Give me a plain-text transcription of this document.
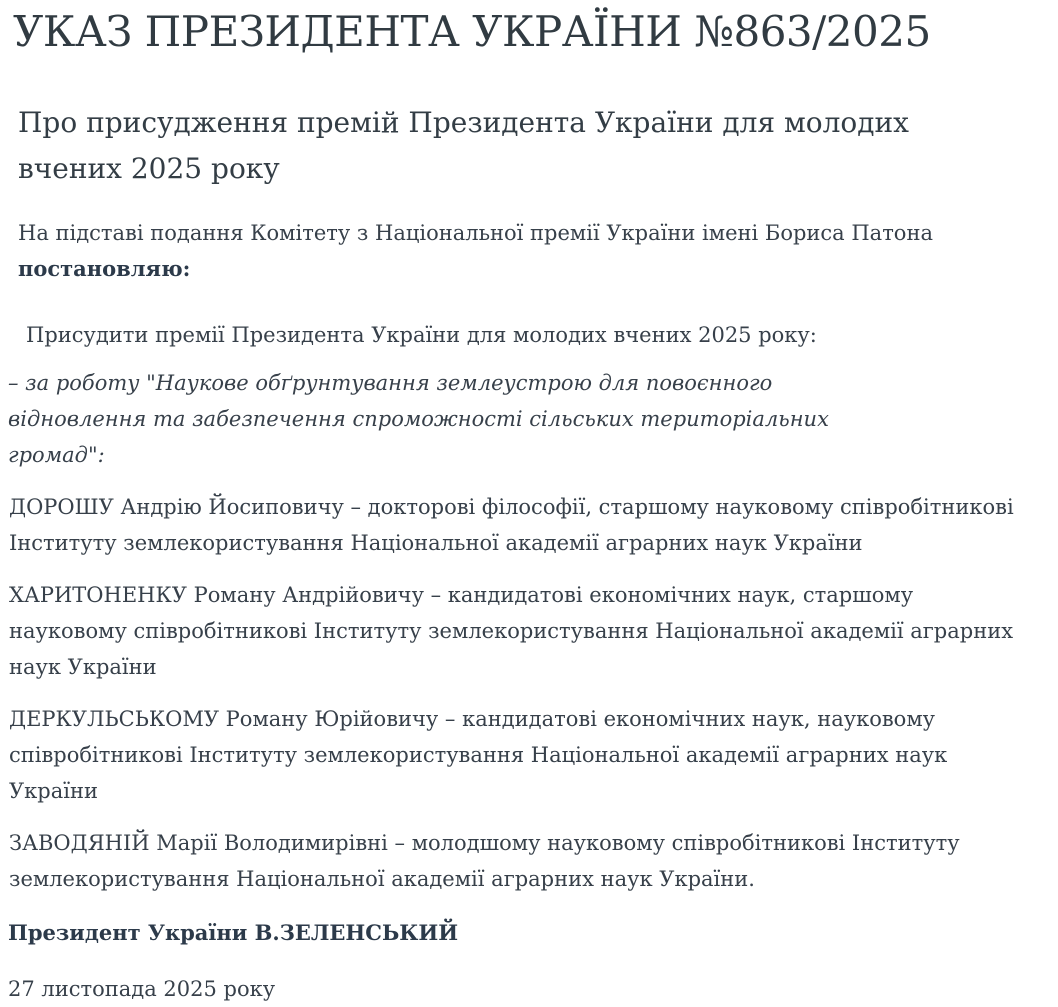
УКАЗ ПРЕЗИДЕНТА УКРАЇНИ №863/2025
Про присудження премій Президента України для молодих вчених 2025 року

На підставі подання Комітету з Національної премії України імені Бориса Патона постановляю:

Присудити премії Президента України для молодих вчених 2025 року:

– за роботу "Наукове обґрунтування землеустрою для повоєнного відновлення та забезпечення спроможності сільських територіальних громад":

ДОРОШУ Андрію Йосиповичу – докторові філософії, старшому науковому співробітникові Інституту землекористування Національної академії аграрних наук України

ХАРИТОНЕНКУ Роману Андрійовичу – кандидатові економічних наук, старшому науковому співробітникові Інституту землекористування Національної академії аграрних наук України

ДЕРКУЛЬСЬКОМУ Роману Юрійовичу – кандидатові економічних наук, науковому співробітникові Інституту землекористування Національної академії аграрних наук України

ЗАВОДЯНІЙ Марії Володимирівні – молодшому науковому співробітникові Інституту землекористування Національної академії аграрних наук України.

Президент України В.ЗЕЛЕНСЬКИЙ

27 листопада 2025 року
